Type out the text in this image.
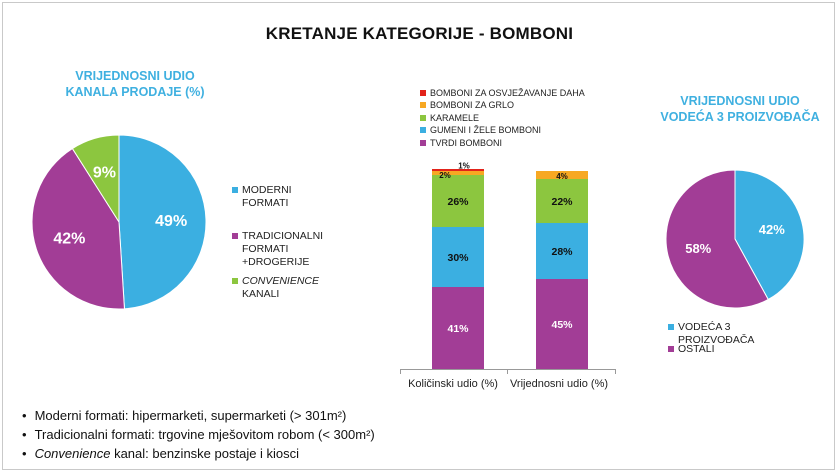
KRETANJE KATEGORIJE - BOMBONI
VRIJEDNOSNI UDIO
KANALA PRODAJE (%)
49%
42%
9%
42%
58%
41%
30%
26%
2%
1%
45%
28%
22%
4%
MODERNI FORMATI
TRADICIONALNI
FORMATI
+DROGERIJE
CONVENIENCE
KANALI
BOMBONI ZA OSVJEŽAVANJE DAHA
BOMBONI ZA GRLO
KARAMELE
GUMENI I ŽELE BOMBONI
TVRDI BOMBONI
Količinski udio (%)	Vrijednosni udio (%)
VRIJEDNOSNI UDIO
VODEĆA 3 PROIZVOĐAČA
VODEĆA 3 PROIZVOĐAČA
OSTALI
• Moderni formati: hipermarketi, supermarketi (> 301m²)
• Tradicionalni formati: trgovine mješovitom robom (< 300m²)
• Convenience kanal: benzinske postaje i kiosci
